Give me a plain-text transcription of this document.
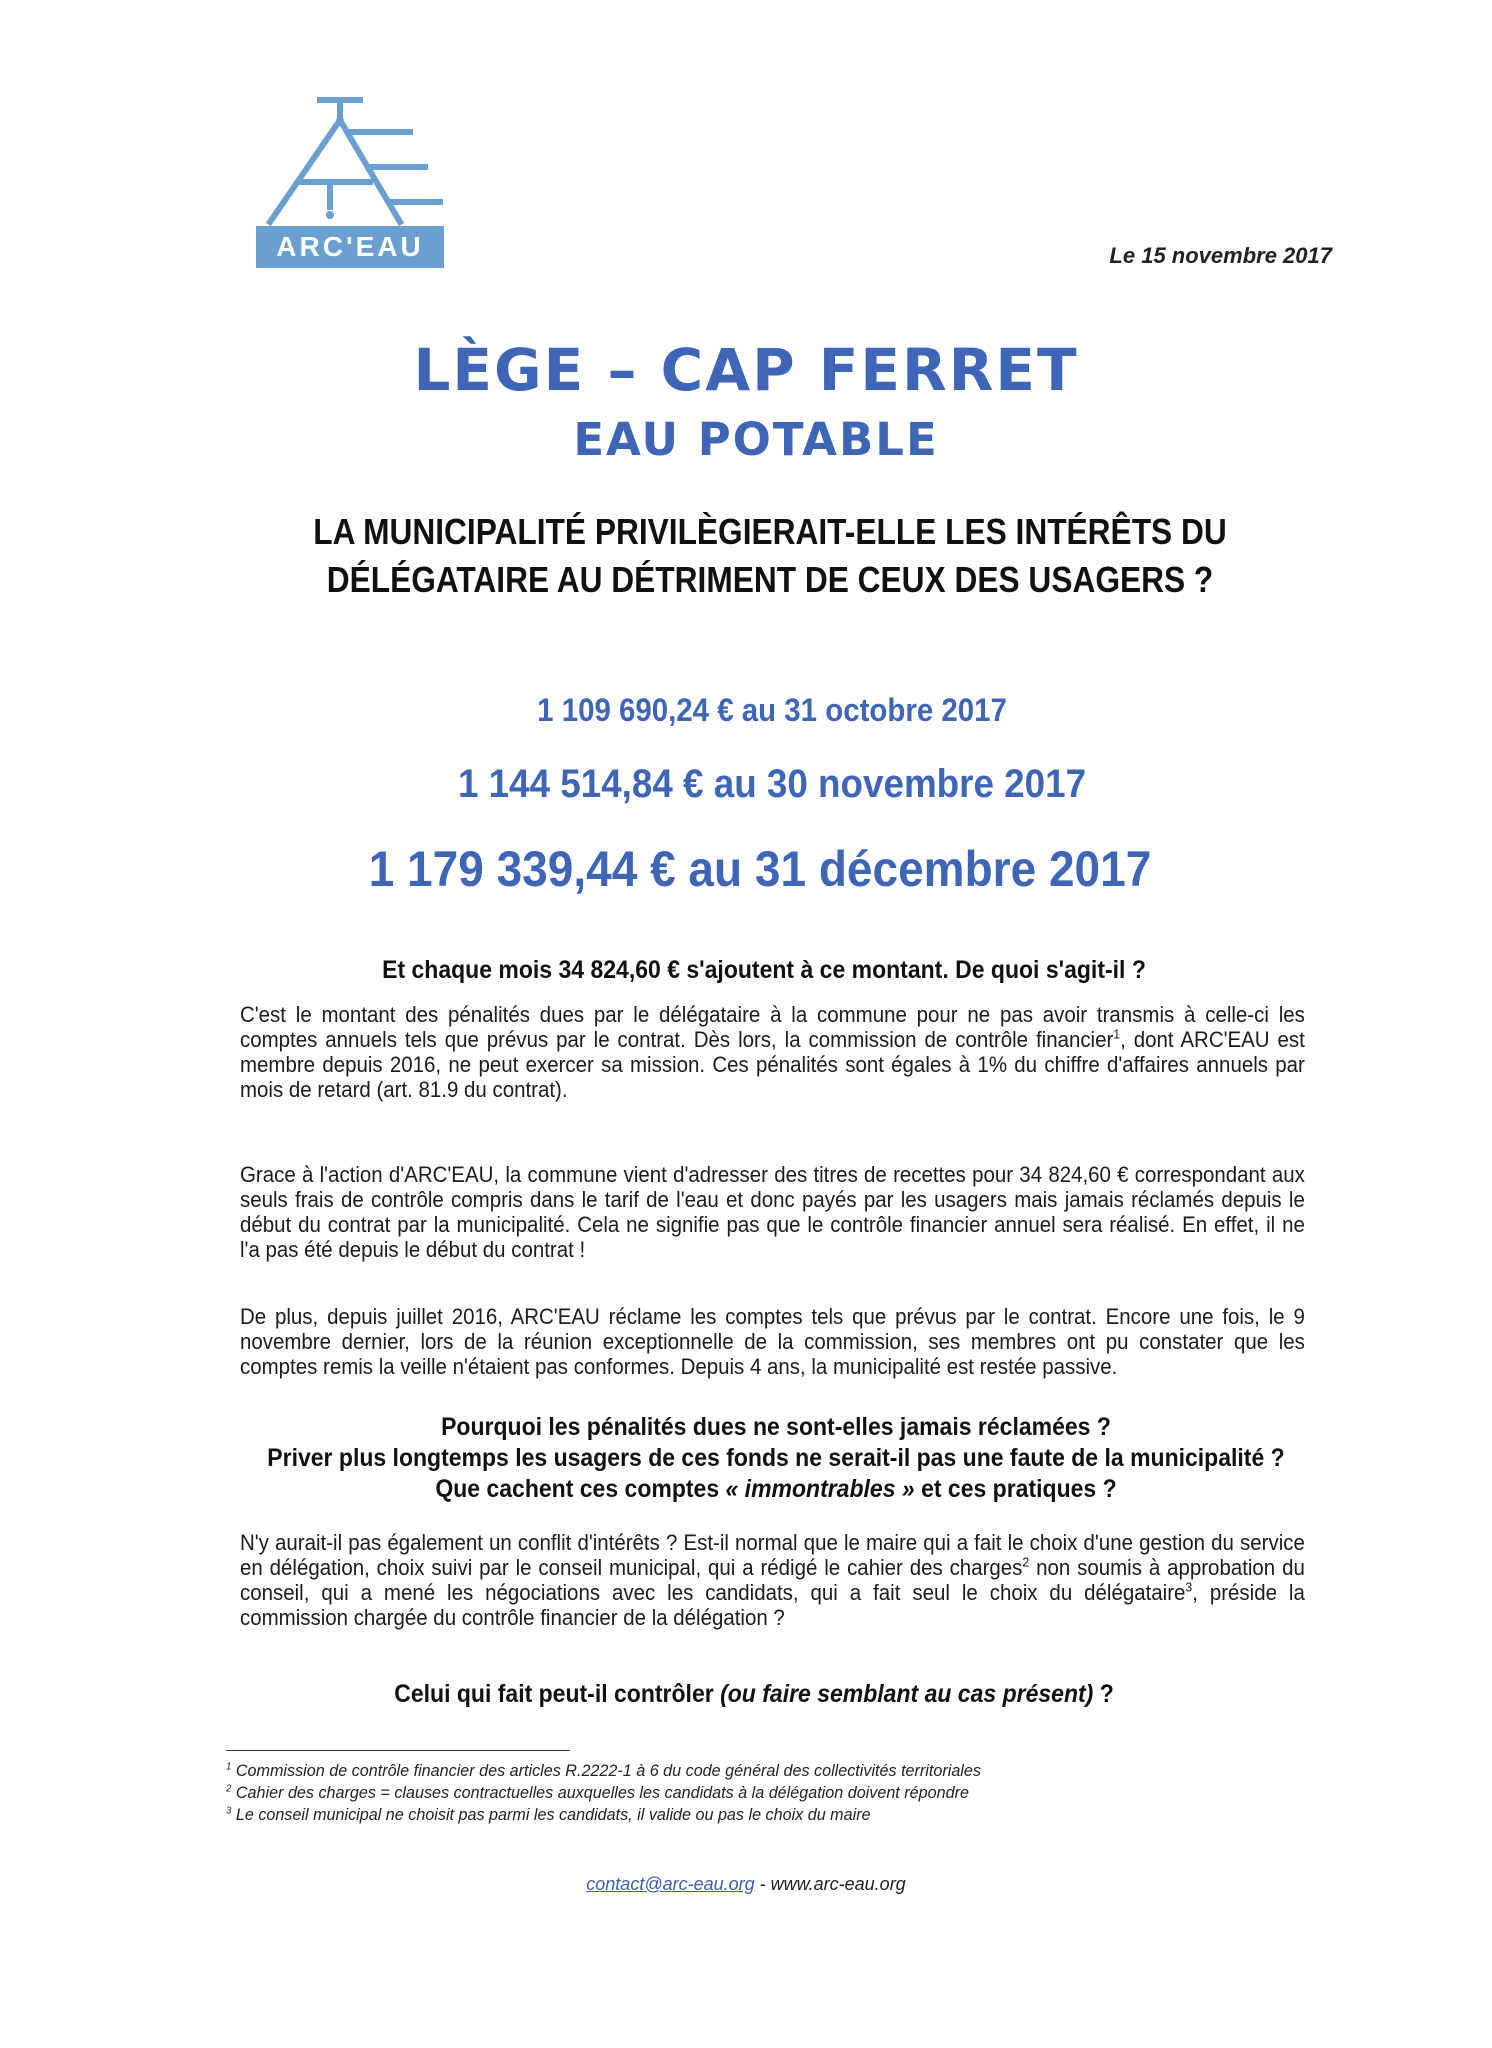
ARC'EAU	Le 15 novembre 2017
LÈGE – CAP FERRET
EAU POTABLE
LA MUNICIPALITÉ PRIVILÈGIERAIT-ELLE LES INTÉRÊTS DU
DÉLÉGATAIRE AU DÉTRIMENT DE CEUX DES USAGERS ?
1 109 690,24 € au 31 octobre 2017
1 144 514,84 € au 30 novembre 2017
1 179 339,44 € au 31 décembre 2017
Et chaque mois 34 824,60 € s'ajoutent à ce montant. De quoi s'agit-il ?
C'est le montant des pénalités dues par le délégataire à la commune pour ne pas avoir transmis à celle-ci les comptes annuels tels que prévus par le contrat. Dès lors, la commission de contrôle financier$^1$, dont ARC'EAU est membre depuis 2016, ne peut exercer sa mission. Ces pénalités sont égales à 1% du chiffre d'affaires annuels par mois de retard (art. 81.9 du contrat).
Grace à l'action d'ARC'EAU, la commune vient d'adresser des titres de recettes pour 34 824,60 € correspondant aux seuls frais de contrôle compris dans le tarif de l'eau et donc payés par les usagers mais jamais réclamés depuis le début du contrat par la municipalité. Cela ne signifie pas que le contrôle financier annuel sera réalisé. En effet, il ne l'a pas été depuis le début du contrat !
De plus, depuis juillet 2016, ARC'EAU réclame les comptes tels que prévus par le contrat. Encore une fois, le 9 novembre dernier, lors de la réunion exceptionnelle de la commission, ses membres ont pu constater que les comptes remis la veille n'étaient pas conformes. Depuis 4 ans, la municipalité est restée passive.
Pourquoi les pénalités dues ne sont-elles jamais réclamées ?
Priver plus longtemps les usagers de ces fonds ne serait-il pas une faute de la municipalité ?
Que cachent ces comptes « immontrables » et ces pratiques ?
N'y aurait-il pas également un conflit d'intérêts ? Est-il normal que le maire qui a fait le choix d'une gestion du service en délégation, choix suivi par le conseil municipal, qui a rédigé le cahier des charges$^2$ non soumis à approbation du conseil, qui a mené les négociations avec les candidats, qui a fait seul le choix du délégataire$^3$, préside la commission chargée du contrôle financier de la délégation ?
Celui qui fait peut-il contrôler (ou faire semblant au cas présent) ?
$^1$ Commission de contrôle financier des articles R.2222-1 à 6 du code général des collectivités territoriales
$^2$ Cahier des charges = clauses contractuelles auxquelles les candidats à la délégation doivent répondre
$^3$ Le conseil municipal ne choisit pas parmi les candidats, il valide ou pas le choix du maire
contact@arc-eau.org - www.arc-eau.org
